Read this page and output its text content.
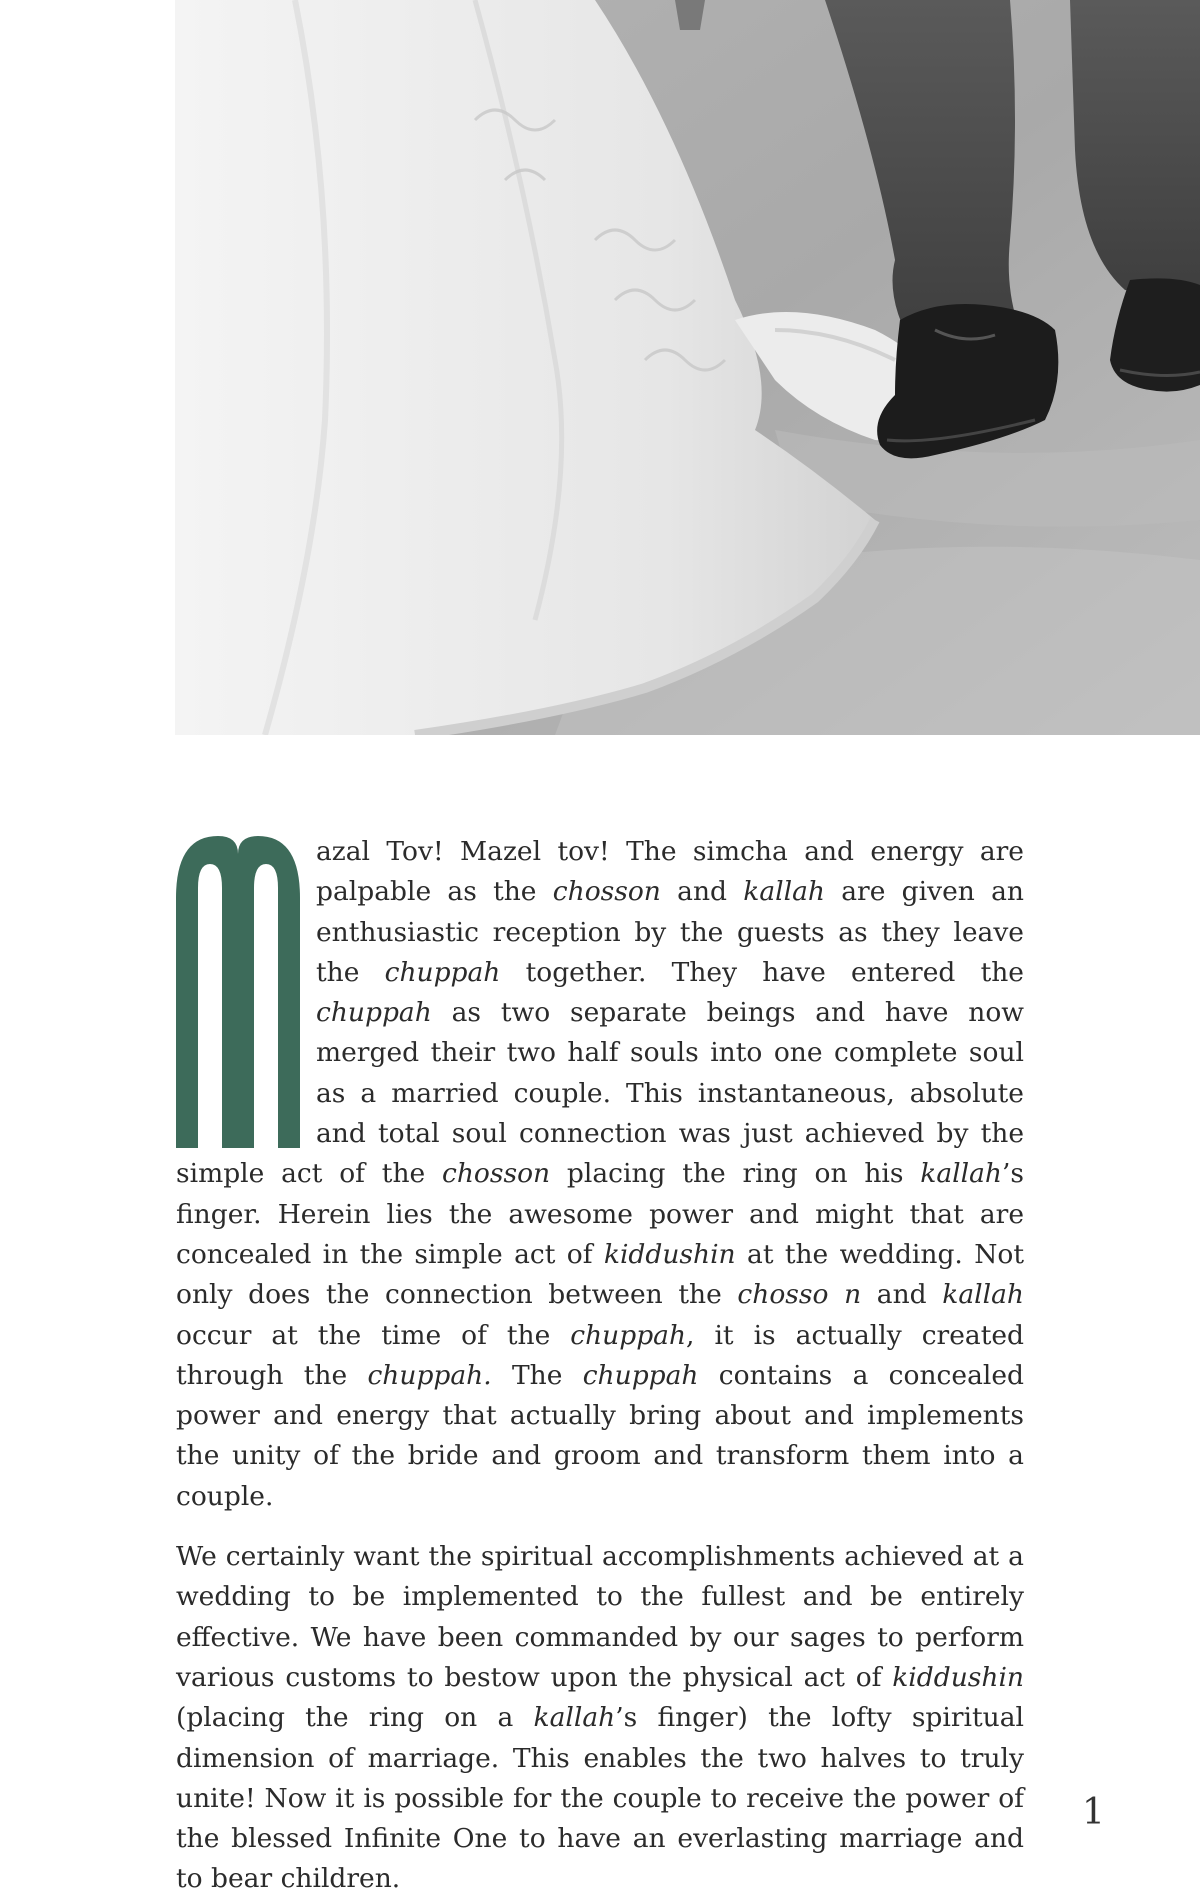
azal Tov! Mazel tov! The simcha and energy are palpable as the chosson and kallah are given an enthusiastic reception by the guests as they leave the chuppah together. They have entered the chuppah as two separate beings and have now merged their two half souls into one complete soul as a married couple. This instantaneous, absolute and total soul connection was just achieved by the simple act of the chosson placing the ring on his kallah’s finger. Herein lies the awesome power and might that are concealed in the simple act of kiddushin at the wedding. Not only does the connection between the chosso n and kallah occur at the time of the chuppah, it is actually created through the chuppah. The chuppah contains a concealed power and energy that actually bring about and implements the unity of the bride and groom and transform them into a couple.

We certainly want the spiritual accomplishments achieved at a wedding to be implemented to the fullest and be entirely effective. We have been commanded by our sages to perform various customs to bestow upon the physical act of kiddushin (placing the ring on a kallah’s finger) the lofty spiritual dimension of marriage. This enables the two halves to truly unite! Now it is possible for the couple to receive the power of the blessed Infinite One to have an everlasting marriage and to bear children.

1
